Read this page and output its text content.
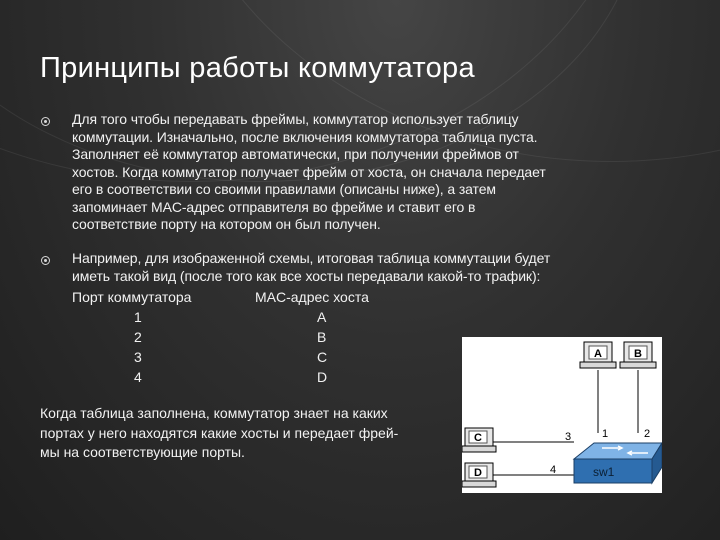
Принципы работы коммутатора
Для того чтобы передавать фреймы, коммутатор использует таблицу
коммутации. Изначально, после включения коммутатора таблица пуста.
Заполняет её коммутатор автоматически, при получении фреймов от
хостов. Когда коммутатор получает фрейм от хоста, он сначала передает
его в соответствии со своими правилами (описаны ниже), а затем
запоминает MAC-адрес отправителя во фрейме и ставит его в
соответствие порту на котором он был получен.
Например, для изображенной схемы, итоговая таблица коммутации будет
иметь такой вид (после того как все хосты передавали какой-то трафик):
Порт коммутатора	MAC-адрес хоста
1	A
2	B
3	C
4	D
Когда таблица заполнена, коммутатор знает на каких
портах у него находятся какие хосты и передает фрей-
мы на соответствующие порты.
1	2
3
4
A	B
C
D	sw1
